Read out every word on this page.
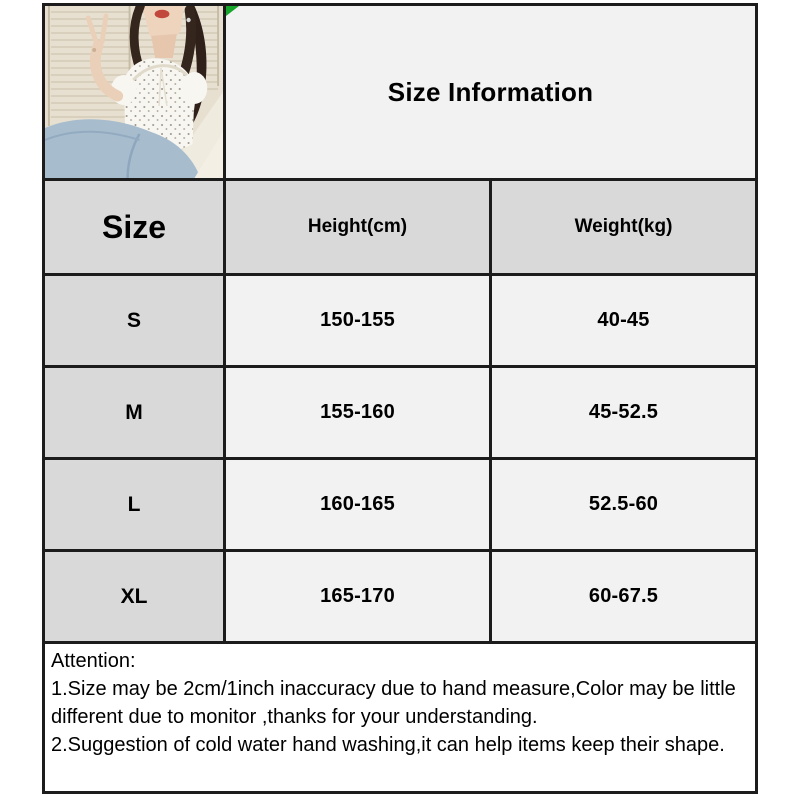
Size Information	
Size	Height(cm)	Weight(kg)
S	150-155	40-45
M	155-160	45-52.5
L	160-165	52.5-60
XL	165-170	60-67.5

Attention:

1.Size may be 2cm/1inch inaccuracy due to hand measure,Color may be little different due to monitor ,thanks for your understanding.

2.Suggestion of cold water hand washing,it can help items keep their shape.		
